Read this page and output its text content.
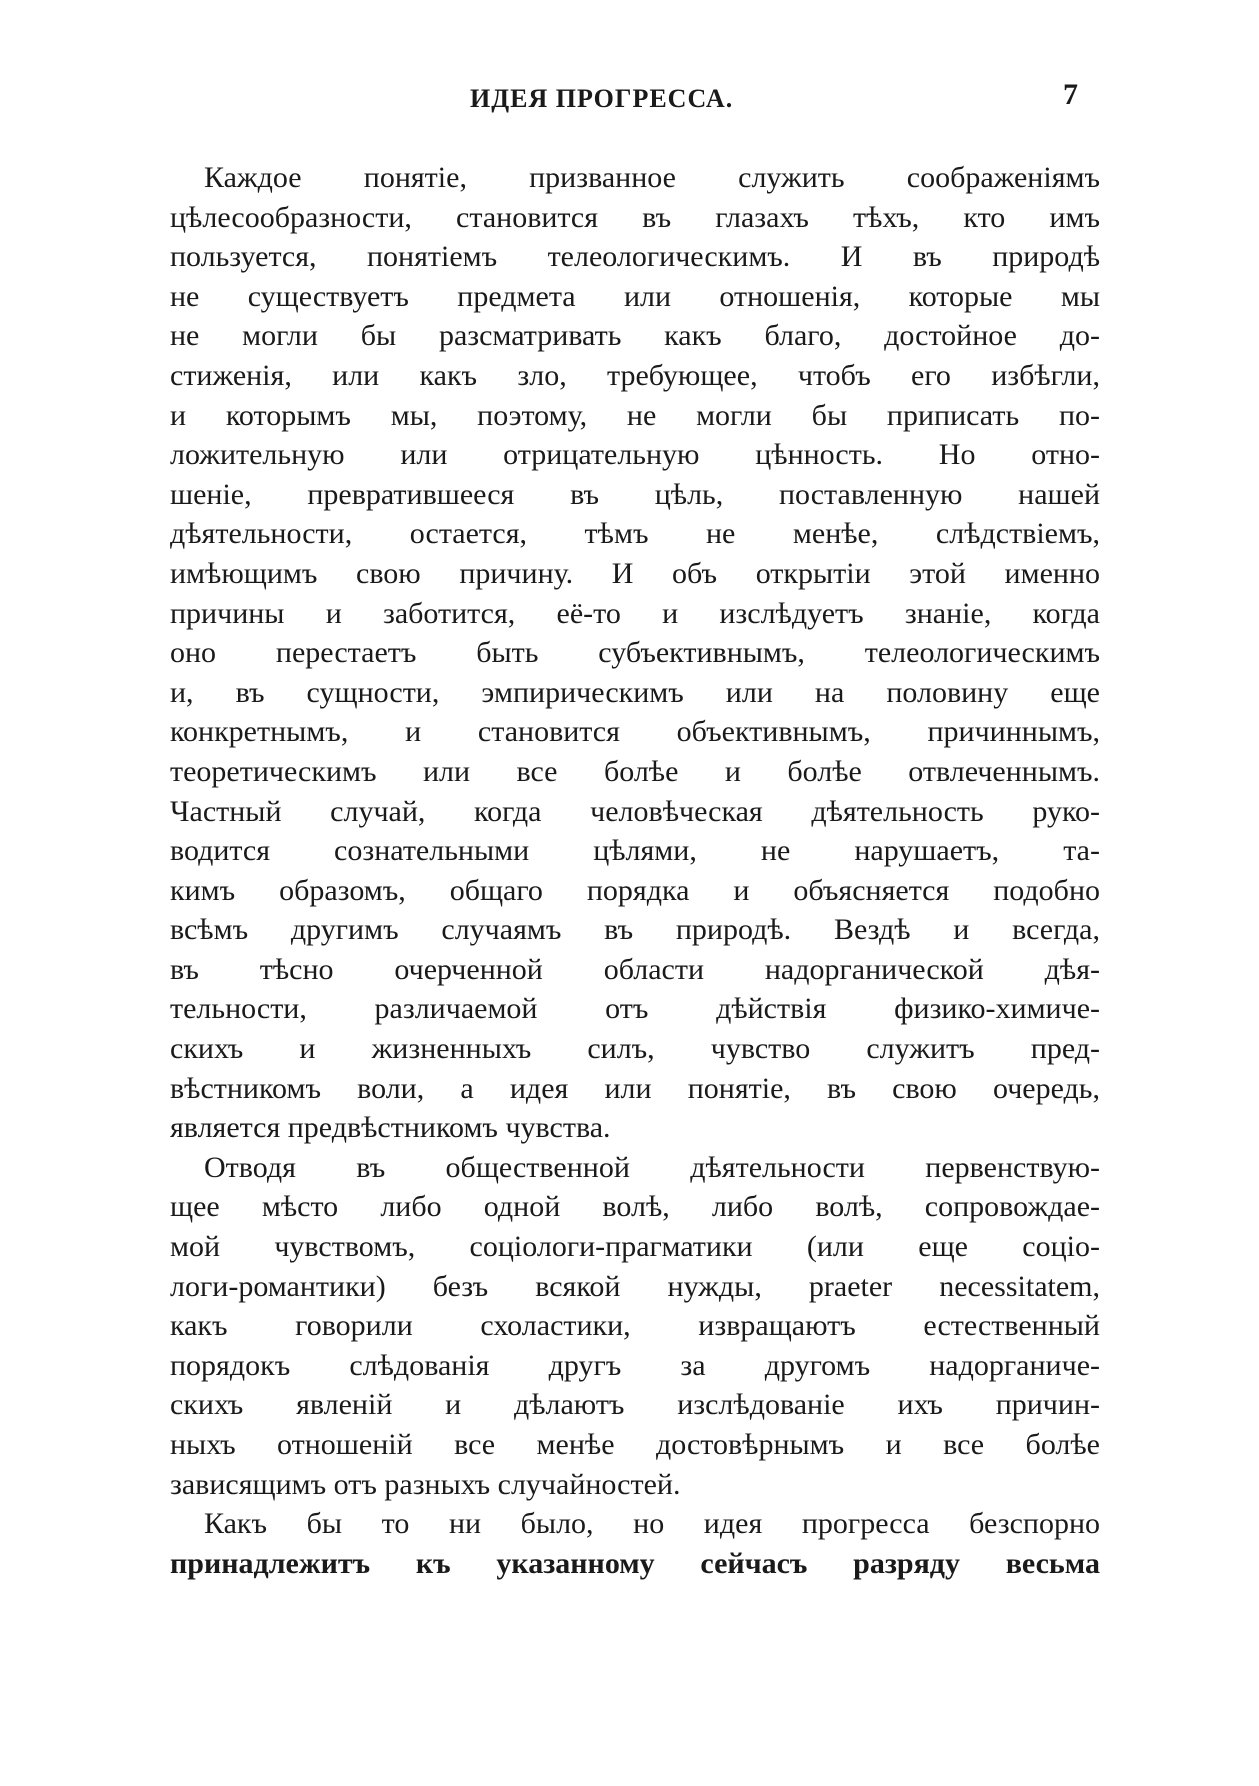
ИДЕЯ ПРОГРЕССА.	7
Каждое понятіе, призванное служить соображеніямъ
цѣлесообразности, становится въ глазахъ тѣхъ, кто имъ
пользуется, понятіемъ телеологическимъ. И въ природѣ
не существуетъ предмета или отношенія, которые мы
не могли бы разсматривать какъ благо, достойное до-
стиженія, или какъ зло, требующее, чтобъ его избѣгли,
и которымъ мы, поэтому, не могли бы приписать по-
ложительную или отрицательную цѣнность. Но отно-
шеніе, превратившееся въ цѣль, поставленную нашей
дѣятельности, остается, тѣмъ не менѣе, слѣдствіемъ,
имѣющимъ свою причину. И объ открытіи этой именно
причины и заботится, её-то и изслѣдуетъ знаніе, когда
оно перестаетъ быть субъективнымъ, телеологическимъ
и, въ сущности, эмпирическимъ или на половину еще
конкретнымъ, и становится объективнымъ, причиннымъ,
теоретическимъ или все болѣе и болѣе отвлеченнымъ.
Частный случай, когда человѣческая дѣятельность руко-
водится сознательными цѣлями, не нарушаетъ, та-
кимъ образомъ, общаго порядка и объясняется подобно
всѣмъ другимъ случаямъ въ природѣ. Вездѣ и всегда,
въ тѣсно очерченной области надорганической дѣя-
тельности, различаемой отъ дѣйствія физико-химиче-
скихъ и жизненныхъ силъ, чувство служитъ пред-
вѣстникомъ воли, а идея или понятіе, въ свою очередь,
является предвѣстникомъ чувства.
Отводя въ общественной дѣятельности первенствую-
щее мѣсто либо одной волѣ, либо волѣ, сопровождае-
мой чувствомъ, соціологи-прагматики (или еще соціо-
логи-романтики) безъ всякой нужды, praeter necessitatem,
какъ говорили схоластики, извращаютъ естественный
порядокъ слѣдованія другъ за другомъ надорганиче-
скихъ явленій и дѣлаютъ изслѣдованіе ихъ причин-
ныхъ отношеній все менѣе достовѣрнымъ и все болѣе
зависящимъ отъ разныхъ случайностей.
Какъ бы то ни было, но идея прогресса безспорно
принадлежитъ къ указанному сейчасъ разряду весьма
